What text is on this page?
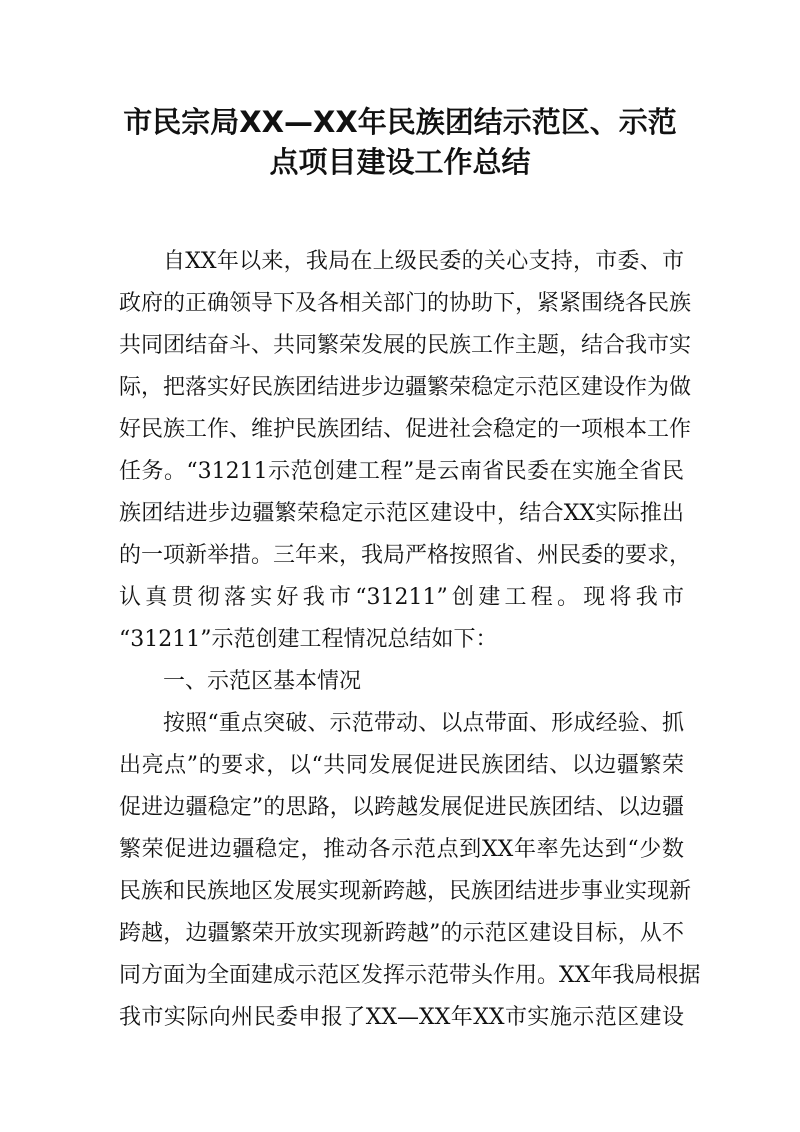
市民宗局XX—XX年民族团结示范区、示范
点项目建设工作总结
自XX年以来，我局在上级民委的关心支持，市委、市
政府的正确领导下及各相关部门的协助下，紧紧围绕各民族
共同团结奋斗、共同繁荣发展的民族工作主题，结合我市实
际，把落实好民族团结进步边疆繁荣稳定示范区建设作为做
好民族工作、维护民族团结、促进社会稳定的一项根本工作
任务。“31211示范创建工程”是云南省民委在实施全省民
族团结进步边疆繁荣稳定示范区建设中，结合XX实际推出
的一项新举措。三年来，我局严格按照省、州民委的要求，
认真贯彻落实好我市“31211”创建工程。现将我市
“31211”示范创建工程情况总结如下：
一、示范区基本情况
按照“重点突破、示范带动、以点带面、形成经验、抓
出亮点”的要求，以“共同发展促进民族团结、以边疆繁荣
促进边疆稳定”的思路，以跨越发展促进民族团结、以边疆
繁荣促进边疆稳定，推动各示范点到XX年率先达到“少数
民族和民族地区发展实现新跨越，民族团结进步事业实现新
跨越，边疆繁荣开放实现新跨越”的示范区建设目标，从不
同方面为全面建成示范区发挥示范带头作用。XX年我局根据
我市实际向州民委申报了XX—XX年XX市实施示范区建设
